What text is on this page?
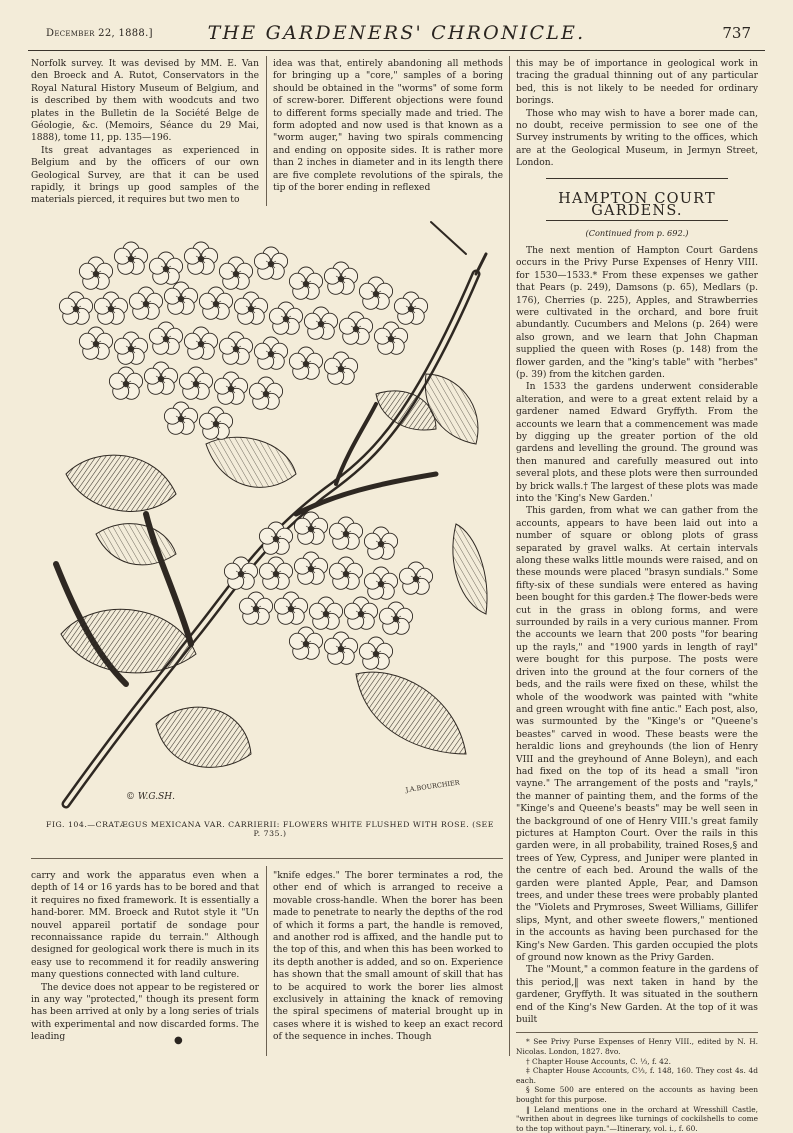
December 22, 1888.]	THE GARDENERS' CHRONICLE.	737

Norfolk survey. It was devised by MM. E. Van den Broeck and A. Rutot, Conservators in the Royal Natural History Museum of Belgium, and is described by them with woodcuts and two plates in the Bulletin de la Société Belge de Géologie, &c. (Memoirs, Séance du 29 Mai, 1888), tome 11, pp. 135—196.

Its great advantages as experienced in Belgium and by the officers of our own Geological Survey, are that it can be used rapidly, it brings up good samples of the materials pierced, it requires but two men to

idea was that, entirely abandoning all methods for bringing up a "core," samples of a boring should be obtained in the "worms" of some form of screw-borer. Different objections were found to different forms specially made and tried. The form adopted and now used is that known as a "worm auger," having two spirals commencing and ending on opposite sides. It is rather more than 2 inches in diameter and in its length there are five complete revolutions of the spirals, the tip of the borer ending in reflexed

this may be of importance in geological work in tracing the gradual thinning out of any particular bed, this is not likely to be needed for ordinary borings.

Those who may wish to have a borer made can, no doubt, receive permission to see one of the Survey instruments by writing to the offices, which are at the Geological Museum, in Jermyn Street, London.

HAMPTON COURT GARDENS.
(Continued from p. 692.)

The next mention of Hampton Court Gardens occurs in the Privy Purse Expenses of Henry VIII. for 1530—1533.* From these expenses we gather that Pears (p. 249), Damsons (p. 65), Medlars (p. 176), Cherries (p. 225), Apples, and Strawberries were cultivated in the orchard, and bore fruit abundantly. Cucumbers and Melons (p. 264) were also grown, and we learn that John Chapman supplied the queen with Roses (p. 148) from the flower garden, and the "king's table" with "herbes" (p. 39) from the kitchen garden.

In 1533 the gardens underwent considerable alteration, and were to a great extent relaid by a gardener named Edward Gryffyth. From the accounts we learn that a commencement was made by digging up the greater portion of the old gardens and levelling the ground. The ground was then manured and carefully measured out into several plots, and these plots were then surrounded by brick walls.† The largest of these plots was made into the 'King's New Garden.'

This garden, from what we can gather from the accounts, appears to have been laid out into a number of square or oblong plots of grass separated by gravel walks. At certain intervals along these walks little mounds were raised, and on these mounds were placed "brasyn sundials." Some fifty-six of these sundials were entered as having been bought for this garden.‡ The flower-beds were cut in the grass in oblong forms, and were surrounded by rails in a very curious manner. From the accounts we learn that 200 posts "for bearing up the rayls," and "1900 yards in length of rayl" were bought for this purpose. The posts were driven into the ground at the four corners of the beds, and the rails were fixed on these, whilst the whole of the woodwork was painted with "white and green wrought with fine antic." Each post, also, was surmounted by the "Kinge's or "Queene's beastes" carved in wood. These beasts were the heraldic lions and greyhounds (the lion of Henry VIII and the greyhound of Anne Boleyn), and each had fixed on the top of its head a small "iron vayne." The arrangement of the posts and "rayls," the manner of painting them, and the forms of the "Kinge's and Queene's beasts" may be well seen in the background of one of Henry VIII.'s great family pictures at Hampton Court. Over the rails in this garden were, in all probability, trained Roses,§ and trees of Yew, Cypress, and Juniper were planted in the centre of each bed. Around the walls of the garden were planted Apple, Pear, and Damson trees, and under these trees were probably planted the "Violets and Prymroses, Sweet Williams, Gillifer slips, Mynt, and other sweete flowers," mentioned in the accounts as having been purchased for the King's New Garden. This garden occupied the plots of ground now known as the Privy Garden.

The "Mount," a common feature in the gardens of this period,‖ was next taken in hand by the gardener, Gryffyth. It was situated in the southern end of the King's New Garden. At the top of it was built

* See Privy Purse Expenses of Henry VIII., edited by N. H. Nicolas. London, 1827. 8vo.
† Chapter House Accounts, C. ⅓, f. 42.
‡ Chapter House Accounts, C⅓, f. 148, 160. They cost 4s. 4d each.
§ Some 500 are entered on the accounts as having been bought for this purpose.
‖ Leland mentions one in the orchard at Wresshill Castle, "writhen about in degrees like turnings of cockilshells to come to the top without payn."—Itinerary, vol. i., f. 60.
© W.G.SH.
J.A.BOURCHIER
FIG. 104.—CRATÆGUS MEXICANA VAR. CARRIERII: FLOWERS WHITE FLUSHED WITH ROSE. (SEE P. 735.)

carry and work the apparatus even when a depth of 14 or 16 yards has to be bored and that it requires no fixed framework. It is essentially a hand-borer. MM. Broeck and Rutot style it "Un nouvel appareil portatif de sondage pour reconnaissance rapide du terrain." Although designed for geological work there is much in its easy use to recommend it for readily answering many questions connected with land culture.

The device does not appear to be registered or in any way "protected," though its present form has been arrived at only by a long series of trials with experimental and now discarded forms. The leading

"knife edges." The borer terminates a rod, the other end of which is arranged to receive a movable cross-handle. When the borer has been made to penetrate to nearly the depths of the rod of which it forms a part, the handle is removed, and another rod is affixed, and the handle put to the top of this, and when this has been worked to its depth another is added, and so on. Experience has shown that the small amount of skill that has to be acquired to work the borer lies almost exclusively in attaining the knack of removing the spiral specimens of material brought up in cases where it is wished to keep an exact record of the sequence in inches. Though

●
